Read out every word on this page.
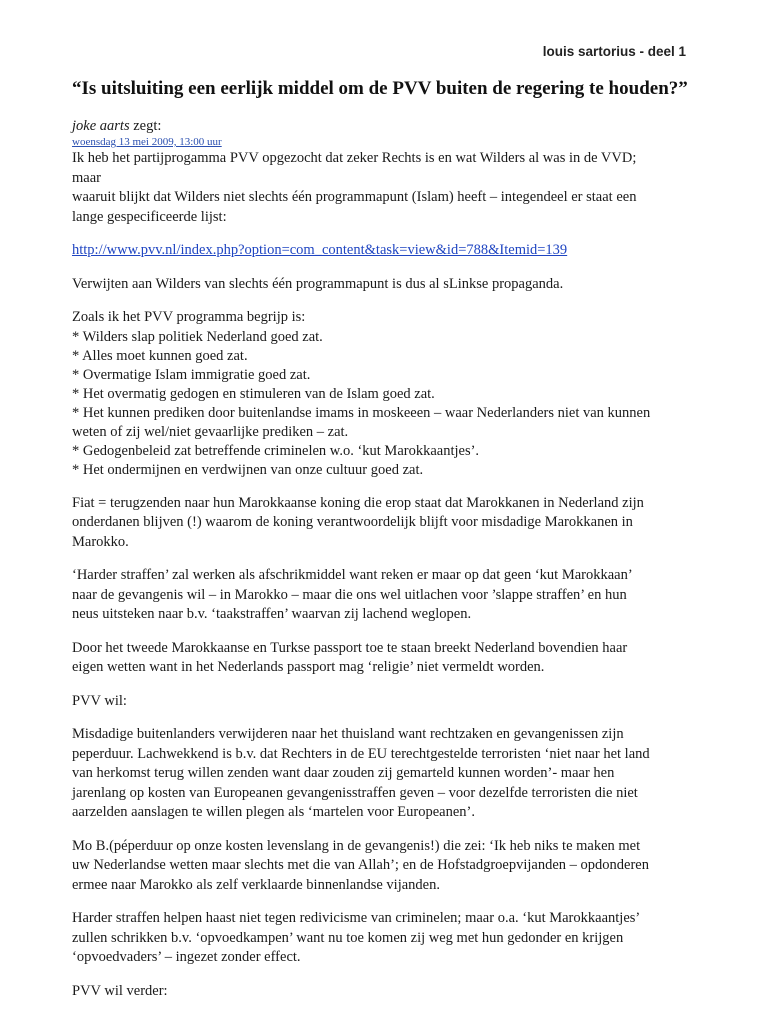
louis sartorius - deel 1
“Is uitsluiting een eerlijk middel om de PVV buiten de regering te houden?”
joke aarts zegt:
woensdag 13 mei 2009, 13:00 uur
Ik heb het partijprogamma PVV opgezocht dat zeker Rechts is en wat Wilders al was in de VVD;
maar
waaruit blijkt dat Wilders niet slechts één programmapunt (Islam) heeft – integendeel er staat een
lange gespecificeerde lijst:
http://www.pvv.nl/index.php?option=com_content&task=view&id=788&Itemid=139
Verwijten aan Wilders van slechts één programmapunt is dus al sLinkse propaganda.
Zoals ik het PVV programma begrijp is:
* Wilders slap politiek Nederland goed zat.
* Alles moet kunnen goed zat.
* Overmatige Islam immigratie goed zat.
* Het overmatig gedogen en stimuleren van de Islam goed zat.
* Het kunnen prediken door buitenlandse imams in moskeeen – waar Nederlanders niet van kunnen
weten of zij wel/niet gevaarlijke prediken – zat.
* Gedogenbeleid zat betreffende criminelen w.o. ‘kut Marokkaantjes’.
* Het ondermijnen en verdwijnen van onze cultuur goed zat.
Fiat = terugzenden naar hun Marokkaanse koning die erop staat dat Marokkanen in Nederland zijn
onderdanen blijven (!) waarom de koning verantwoordelijk blijft voor misdadige Marokkanen in
Marokko.
‘Harder straffen’ zal werken als afschrikmiddel want reken er maar op dat geen ‘kut Marokkaan’
naar de gevangenis wil – in Marokko – maar die ons wel uitlachen voor ’slappe straffen’ en hun
neus uitsteken naar b.v. ‘taakstraffen’ waarvan zij lachend weglopen.
Door het tweede Marokkaanse en Turkse passport toe te staan breekt Nederland bovendien haar
eigen wetten want in het Nederlands passport mag ‘religie’ niet vermeldt worden.
PVV wil:
Misdadige buitenlanders verwijderen naar het thuisland want rechtzaken en gevangenissen zijn
peperduur. Lachwekkend is b.v. dat Rechters in de EU terechtgestelde terroristen ‘niet naar het land
van herkomst terug willen zenden want daar zouden zij gemarteld kunnen worden’- maar hen
jarenlang op kosten van Europeanen gevangenisstraffen geven – voor dezelfde terroristen die niet
aarzelden aanslagen te willen plegen als ‘martelen voor Europeanen’.
Mo B.(péperduur op onze kosten levenslang in de gevangenis!) die zei: ‘Ik heb niks te maken met
uw Nederlandse wetten maar slechts met die van Allah’; en de Hofstadgroepvijanden – opdonderen
ermee naar Marokko als zelf verklaarde binnenlandse vijanden.
Harder straffen helpen haast niet tegen redivicisme van criminelen; maar o.a. ‘kut Marokkaantjes’
zullen schrikken b.v. ‘opvoedkampen’ want nu toe komen zij weg met hun gedonder en krijgen
‘opvoedvaders’ – ingezet zonder effect.
PVV wil verder:
